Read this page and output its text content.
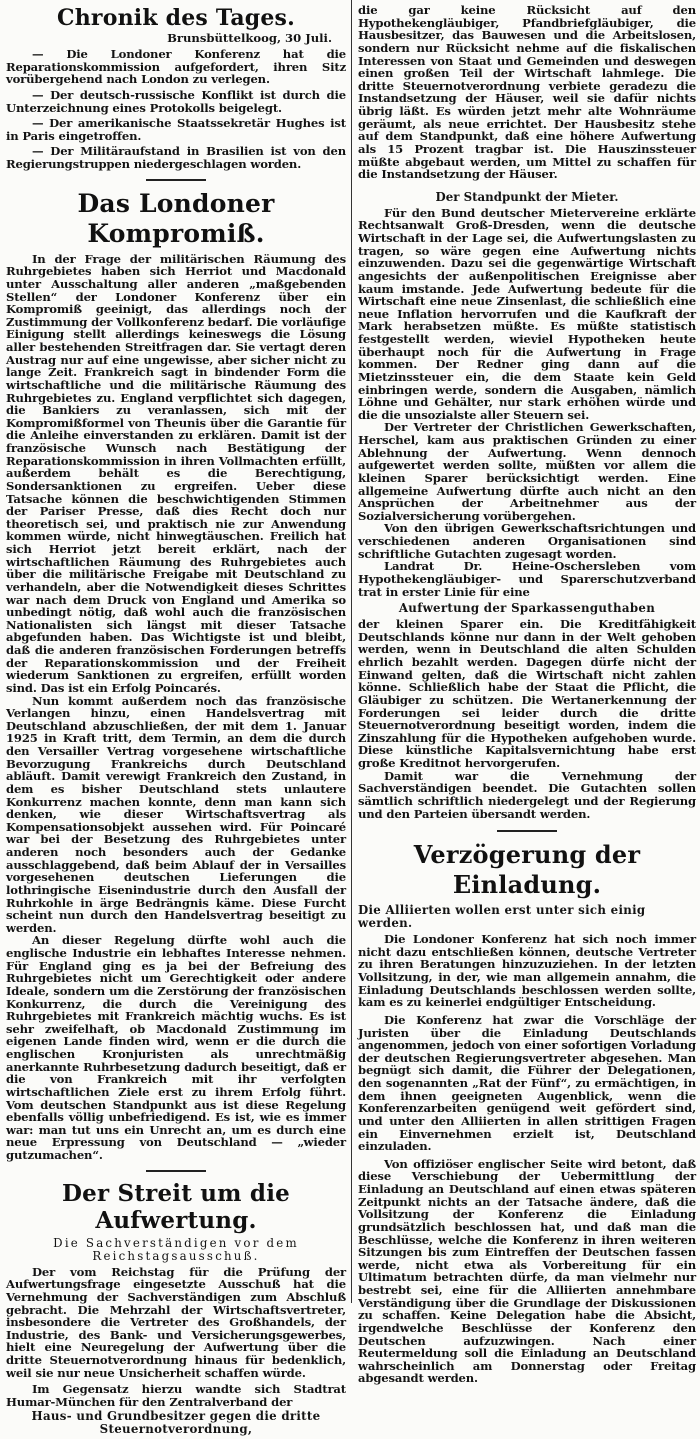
Chronik des Tages.
Brunsbüttelkoog, 30 Juli.
— Die Londoner Konferenz hat die Reparationskommission aufgefordert, ihren Sitz vorübergehend nach London zu verlegen.
— Der deutsch-russische Konflikt ist durch die Unterzeichnung eines Protokolls beigelegt.
— Der amerikanische Staatssekretär Hughes ist in Paris eingetroffen.
— Der Militäraufstand in Brasilien ist von den Regierungstruppen niedergeschlagen worden.
Das Londoner Kompromiß.

In der Frage der militärischen Räumung des Ruhrgebietes haben sich Herriot und Macdonald unter Ausschaltung aller anderen „maßgebenden Stellen“ der Londoner Konferenz über ein Kompromiß geeinigt, das allerdings noch der Zustimmung der Vollkonferenz bedarf. Die vorläufige Einigung stellt allerdings keineswegs die Lösung aller bestehenden Streitfragen dar. Sie vertagt deren Austrag nur auf eine ungewisse, aber sicher nicht zu lange Zeit. Frankreich sagt in bindender Form die wirtschaftliche und die militärische Räumung des Ruhrgebietes zu. England verpflichtet sich dagegen, die Bankiers zu veranlassen, sich mit der Kompromißformel von Theunis über die Garantie für die Anleihe einverstanden zu erklären. Damit ist der französische Wunsch nach Bestätigung der Reparationskommission in ihren Vollmachten erfüllt, außerdem behält es die Berechtigung, Sondersanktionen zu ergreifen. Ueber diese Tatsache können die beschwichtigenden Stimmen der Pariser Presse, daß dies Recht doch nur theoretisch sei, und praktisch nie zur Anwendung kommen würde, nicht hinwegtäuschen. Freilich hat sich Herriot jetzt bereit erklärt, nach der wirtschaftlichen Räumung des Ruhrgebietes auch über die militärische Freigabe mit Deutschland zu verhandeln, aber die Notwendigkeit dieses Schrittes war nach dem Druck von England und Amerika so unbedingt nötig, daß wohl auch die französischen Nationalisten sich längst mit dieser Tatsache abgefunden haben. Das Wichtigste ist und bleibt, daß die anderen französischen Forderungen betreffs der Reparationskommission und der Freiheit wiederum Sanktionen zu ergreifen, erfüllt worden sind. Das ist ein Erfolg Poincarés.

Nun kommt außerdem noch das französische Verlangen hinzu, einen Handelsvertrag mit Deutschland abzuschließen, der mit dem 1. Januar 1925 in Kraft tritt, dem Termin, an dem die durch den Versailler Vertrag vorgesehene wirtschaftliche Bevorzugung Frankreichs durch Deutschland abläuft. Damit verewigt Frankreich den Zustand, in dem es bisher Deutschland stets unlautere Konkurrenz machen konnte, denn man kann sich denken, wie dieser Wirtschaftsvertrag als Kompensationsobjekt aussehen wird. Für Poincaré war bei der Besetzung des Ruhrgebietes unter anderen noch besonders auch der Gedanke ausschlaggebend, daß beim Ablauf der in Versailles vorgesehenen deutschen Lieferungen die lothringische Eisenindustrie durch den Ausfall der Ruhrkohle in ärge Bedrängnis käme. Diese Furcht scheint nun durch den Handelsvertrag beseitigt zu werden.

An dieser Regelung dürfte wohl auch die englische Industrie ein lebhaftes Interesse nehmen. Für England ging es ja bei der Befreiung des Ruhrgebietes nicht um Gerechtigkeit oder andere Ideale, sondern um die Zerstörung der französischen Konkurrenz, die durch die Vereinigung des Ruhrgebietes mit Frankreich mächtig wuchs. Es ist sehr zweifelhaft, ob Macdonald Zustimmung im eigenen Lande finden wird, wenn er die durch die englischen Kronjuristen als unrechtmäßig anerkannte Ruhrbesetzung dadurch beseitigt, daß er die von Frankreich mit ihr verfolgten wirtschaftlichen Ziele erst zu ihrem Erfolg führt. Vom deutschen Standpunkt aus ist diese Regelung ebenfalls völlig unbefriedigend. Es ist, wie es immer war: man tut uns ein Unrecht an, um es durch eine neue Erpressung von Deutschland — „wieder gutzumachen“.

Der Streit um die Aufwertung.
Die Sachverständigen vor dem Reichstagsausschuß.

Der vom Reichstag für die Prüfung der Aufwertungsfrage eingesetzte Ausschuß hat die Vernehmung der Sachverständigen zum Abschluß gebracht. Die Mehrzahl der Wirtschaftsvertreter, insbesondere die Vertreter des Großhandels, der Industrie, des Bank- und Versicherungsgewerbes, hielt eine Neuregelung der Aufwertung über die dritte Steuernotverordnung hinaus für bedenklich, weil sie nur neue Unsicherheit schaffen würde.

Im Gegensatz hierzu wandte sich Stadtrat Humar-München für den Zentralverband der

Haus- und Grundbesitzer gegen die dritte Steuernotverordnung,

die gar keine Rücksicht auf den Hypothekengläubiger, Pfandbriefgläubiger, die Hausbesitzer, das Bauwesen und die Arbeitslosen, sondern nur Rücksicht nehme auf die fiskalischen Interessen von Staat und Gemeinden und deswegen einen großen Teil der Wirtschaft lahmlege. Die dritte Steuernotverordnung verbiete geradezu die Instandsetzung der Häuser, weil sie dafür nichts übrig läßt. Es würden jetzt mehr alte Wohnräume geräumt, als neue errichtet. Der Hausbesitz stehe auf dem Standpunkt, daß eine höhere Aufwertung als 15 Prozent tragbar ist. Die Hauszinssteuer müßte abgebaut werden, um Mittel zu schaffen für die Instandsetzung der Häuser.

Der Standpunkt der Mieter.

Für den Bund deutscher Mietervereine erklärte Rechtsanwalt Groß-Dresden, wenn die deutsche Wirtschaft in der Lage sei, die Aufwertungslasten zu tragen, so wäre gegen eine Aufwertung nichts einzuwenden. Dazu sei die gegenwärtige Wirtschaft angesichts der außenpolitischen Ereignisse aber kaum imstande. Jede Aufwertung bedeute für die Wirtschaft eine neue Zinsenlast, die schließlich eine neue Inflation hervorrufen und die Kaufkraft der Mark herabsetzen müßte. Es müßte statistisch festgestellt werden, wieviel Hypotheken heute überhaupt noch für die Aufwertung in Frage kommen. Der Redner ging dann auf die Mietzinssteuer ein, die dem Staate kein Geld einbringen werde, sondern die Ausgaben, nämlich Löhne und Gehälter, nur stark erhöhen würde und die die unsozialste aller Steuern sei.

Der Vertreter der Christlichen Gewerkschaften, Herschel, kam aus praktischen Gründen zu einer Ablehnung der Aufwertung. Wenn dennoch aufgewertet werden sollte, müßten vor allem die kleinen Sparer berücksichtigt werden. Eine allgemeine Aufwertung dürfte auch nicht an den Ansprüchen der Arbeitnehmer aus der Sozialversicherung vorübergehen.

Von den übrigen Gewerkschaftsrichtungen und verschiedenen anderen Organisationen sind schriftliche Gutachten zugesagt worden.

Landrat Dr. Heine-Oschersleben vom Hypothekengläubiger- und Sparerschutzverband trat in erster Linie für eine

Aufwertung der Sparkassenguthaben

der kleinen Sparer ein. Die Kreditfähigkeit Deutschlands könne nur dann in der Welt gehoben werden, wenn in Deutschland die alten Schulden ehrlich bezahlt werden. Dagegen dürfe nicht der Einwand gelten, daß die Wirtschaft nicht zahlen könne. Schließlich habe der Staat die Pflicht, die Gläubiger zu schützen. Die Wertanerkennung der Forderungen sei leider durch die dritte Steuernotverordnung beseitigt worden, indem die Zinszahlung für die Hypotheken aufgehoben wurde. Diese künstliche Kapitalsvernichtung habe erst große Kreditnot hervorgerufen.

Damit war die Vernehmung der Sachverständigen beendet. Die Gutachten sollen sämtlich schriftlich niedergelegt und der Regierung und den Parteien übersandt werden.

Verzögerung der Einladung.
Die Alliierten wollen erst unter sich einig werden.

Die Londoner Konferenz hat sich noch immer nicht dazu entschließen können, deutsche Vertreter zu ihren Beratungen hinzuzuziehen. In der letzten Vollsitzung, in der, wie man allgemein annahm, die Einladung Deutschlands beschlossen werden sollte, kam es zu keinerlei endgültiger Entscheidung.

Die Konferenz hat zwar die Vorschläge der Juristen über die Einladung Deutschlands angenommen, jedoch von einer sofortigen Vorladung der deutschen Regierungsvertreter abgesehen. Man begnügt sich damit, die Führer der Delegationen, den sogenannten „Rat der Fünf“, zu ermächtigen, in dem ihnen geeigneten Augenblick, wenn die Konferenzarbeiten genügend weit gefördert sind, und unter den Alliierten in allen strittigen Fragen ein Einvernehmen erzielt ist, Deutschland einzuladen.

Von offiziöser englischer Seite wird betont, daß diese Verschiebung der Uebermittlung der Einladung an Deutschland auf einen etwas späteren Zeitpunkt nichts an der Tatsache ändere, daß die Vollsitzung der Konferenz die Einladung grundsätzlich beschlossen hat, und daß man die Beschlüsse, welche die Konferenz in ihren weiteren Sitzungen bis zum Eintreffen der Deutschen fassen werde, nicht etwa als Vorbereitung für ein Ultimatum betrachten dürfe, da man vielmehr nur bestrebt sei, eine für die Alliierten annehmbare Verständigung über die Grundlage der Diskussionen zu schaffen. Keine Delegation habe die Absicht, irgendwelche Beschlüsse der Konferenz den Deutschen aufzuzwingen. Nach einer Reutermeldung soll die Einladung an Deutschland wahrscheinlich am Donnerstag oder Freitag abgesandt werden.
